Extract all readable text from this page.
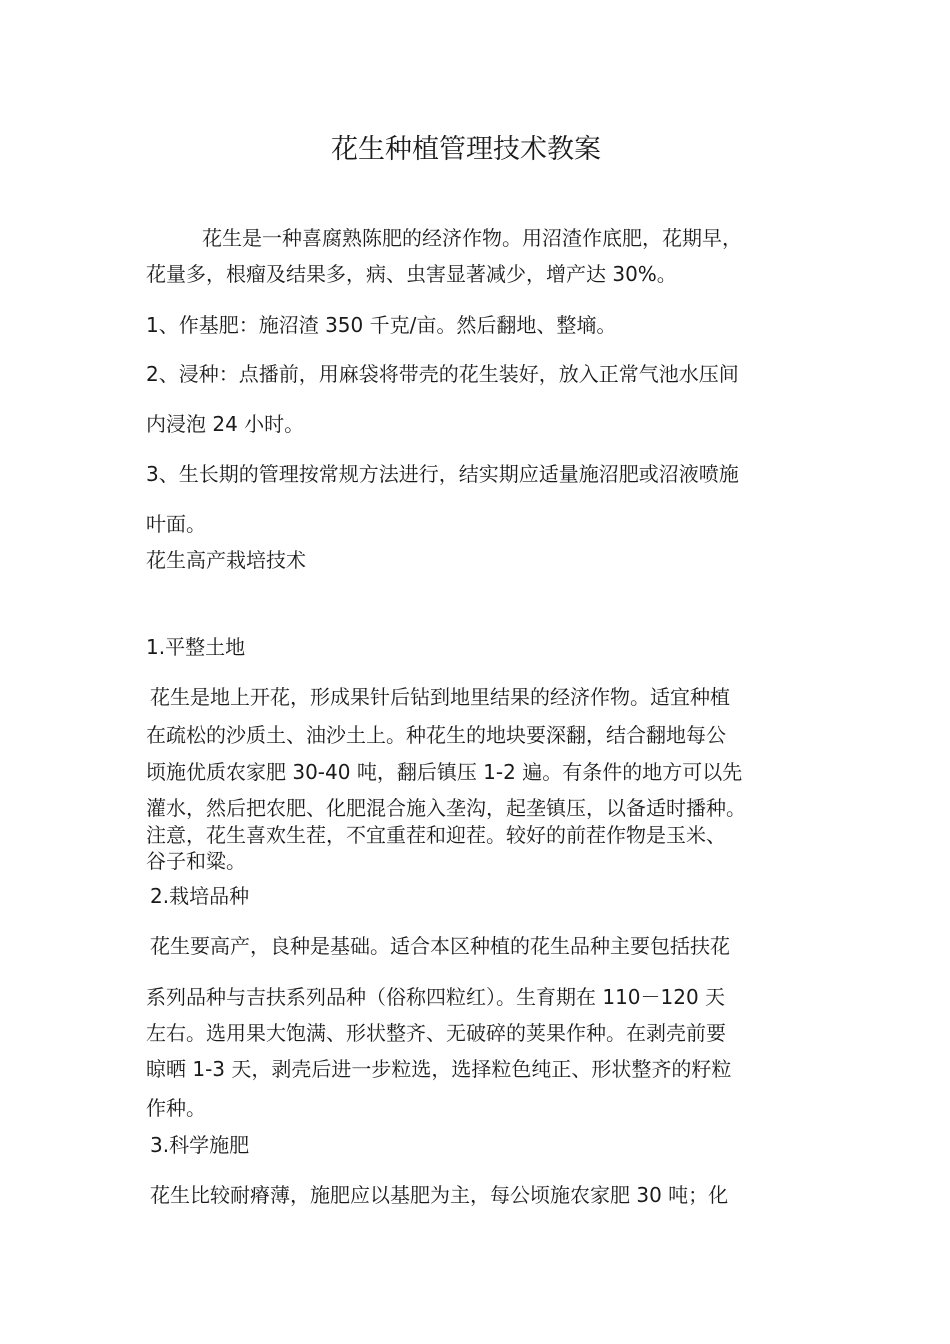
花生种植管理技术教案
花生是一种喜腐熟陈肥的经济作物。用沼渣作底肥，花期早，
花量多，根瘤及结果多，病、虫害显著减少，增产达 30%。
1、作基肥：施沼渣 350 千克/亩。然后翻地、整墒。
2、浸种：点播前，用麻袋将带壳的花生装好，放入正常气池水压间
内浸泡 24 小时。
3、生长期的管理按常规方法进行，结实期应适量施沼肥或沼液喷施
叶面。
花生高产栽培技术
1.平整土地
花生是地上开花，形成果针后钻到地里结果的经济作物。适宜种植
在疏松的沙质土、油沙土上。种花生的地块要深翻，结合翻地每公
顷施优质农家肥 30-40 吨，翻后镇压 1-2 遍。有条件的地方可以先
灌水，然后把农肥、化肥混合施入垄沟，起垄镇压，以备适时播种。
注意，花生喜欢生茬，不宜重茬和迎茬。较好的前茬作物是玉米、
谷子和粱。
2.栽培品种
花生要高产，良种是基础。适合本区种植的花生品种主要包括扶花
系列品种与吉扶系列品种（俗称四粒红）。生育期在 110－120 天
左右。选用果大饱满、形状整齐、无破碎的荚果作种。在剥壳前要
晾晒 1-3 天，剥壳后进一步粒选，选择粒色纯正、形状整齐的籽粒
作种。
3.科学施肥
花生比较耐瘠薄，施肥应以基肥为主，每公顷施农家肥 30 吨；化
